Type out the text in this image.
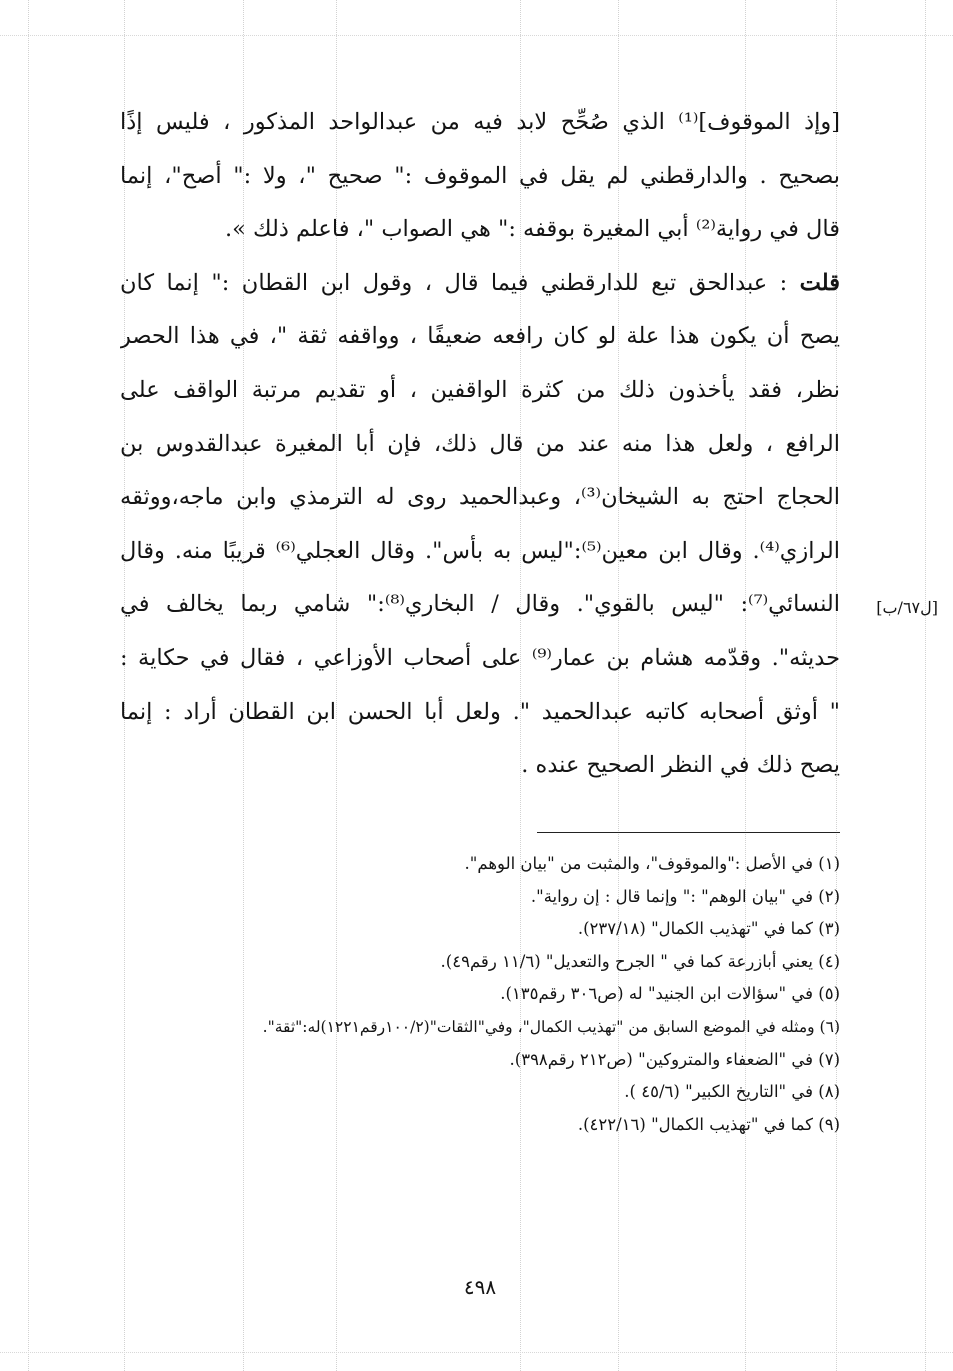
[وإذ الموقوف]⁽¹⁾ الذي صُحِّح لابد فيه من عبدالواحد المذكور ، فليس إذًا
بصحيح . والدارقطني لم يقل في الموقوف :" صحيح "، ولا :" أصح"، إنما
قال في رواية⁽²⁾ أبي المغيرة بوقفه :" هي الصواب "، فاعلم ذلك ».
قلت : عبدالحق تبع للدارقطني فيما قال ، وقول ابن القطان :" إنما كان
يصح أن يكون هذا علة لو كان رافعه ضعيفًا ، وواقفه ثقة "، في هذا الحصر
نظر، فقد يأخذون ذلك من كثرة الواقفين ، أو تقديم مرتبة الواقف على
الرافع ، ولعل هذا منه عند من قال ذلك، فإن أبا المغيرة عبدالقدوس بن
الحجاج احتج به الشيخان⁽³⁾، وعبدالحميد روى له الترمذي وابن ماجه،ووثقه
الرازي⁽⁴⁾. وقال ابن معين⁽⁵⁾:"ليس به بأس". وقال العجلي⁽⁶⁾ قريبًا منه. وقال
النسائي⁽⁷⁾: "ليس بالقوي". وقال / البخاري⁽⁸⁾:" شامي ربما يخالف في
حديثه". وقدّمه هشام بن عمار⁽⁹⁾ على أصحاب الأوزاعي ، فقال في حكاية :
" أوثق أصحابه كاتبه عبدالحميد ". ولعل أبا الحسن ابن القطان أراد : إنما
يصح ذلك في النظر الصحيح عنده .
[ل٦٧/ب]
(١) في الأصل :"والموقوف"، والمثبت من "بيان الوهم".
(٢) في "بيان الوهم" :" وإنما قال : إن رواية".
(٣) كما في "تهذيب الكمال" (٢٣٧/١٨).
(٤) يعني أبازرعة كما في " الجرح والتعديل" (١١/٦ رقم٤٩).
(٥) في "سؤالات ابن الجنيد" له (ص٣٠٦ رقم١٣٥).
(٦) ومثله في الموضع السابق من "تهذيب الكمال"، وفي"الثقات"(١٠٠/٢رقم١٢٢١)له:"ثقة".
(٧) في "الضعفاء والمتروكين" (ص٢١٢ رقم٣٩٨).
(٨) في "التاريخ الكبير" (٤٥/٦ ).
(٩) كما في "تهذيب الكمال" (٤٢٢/١٦).
٤٩٨
